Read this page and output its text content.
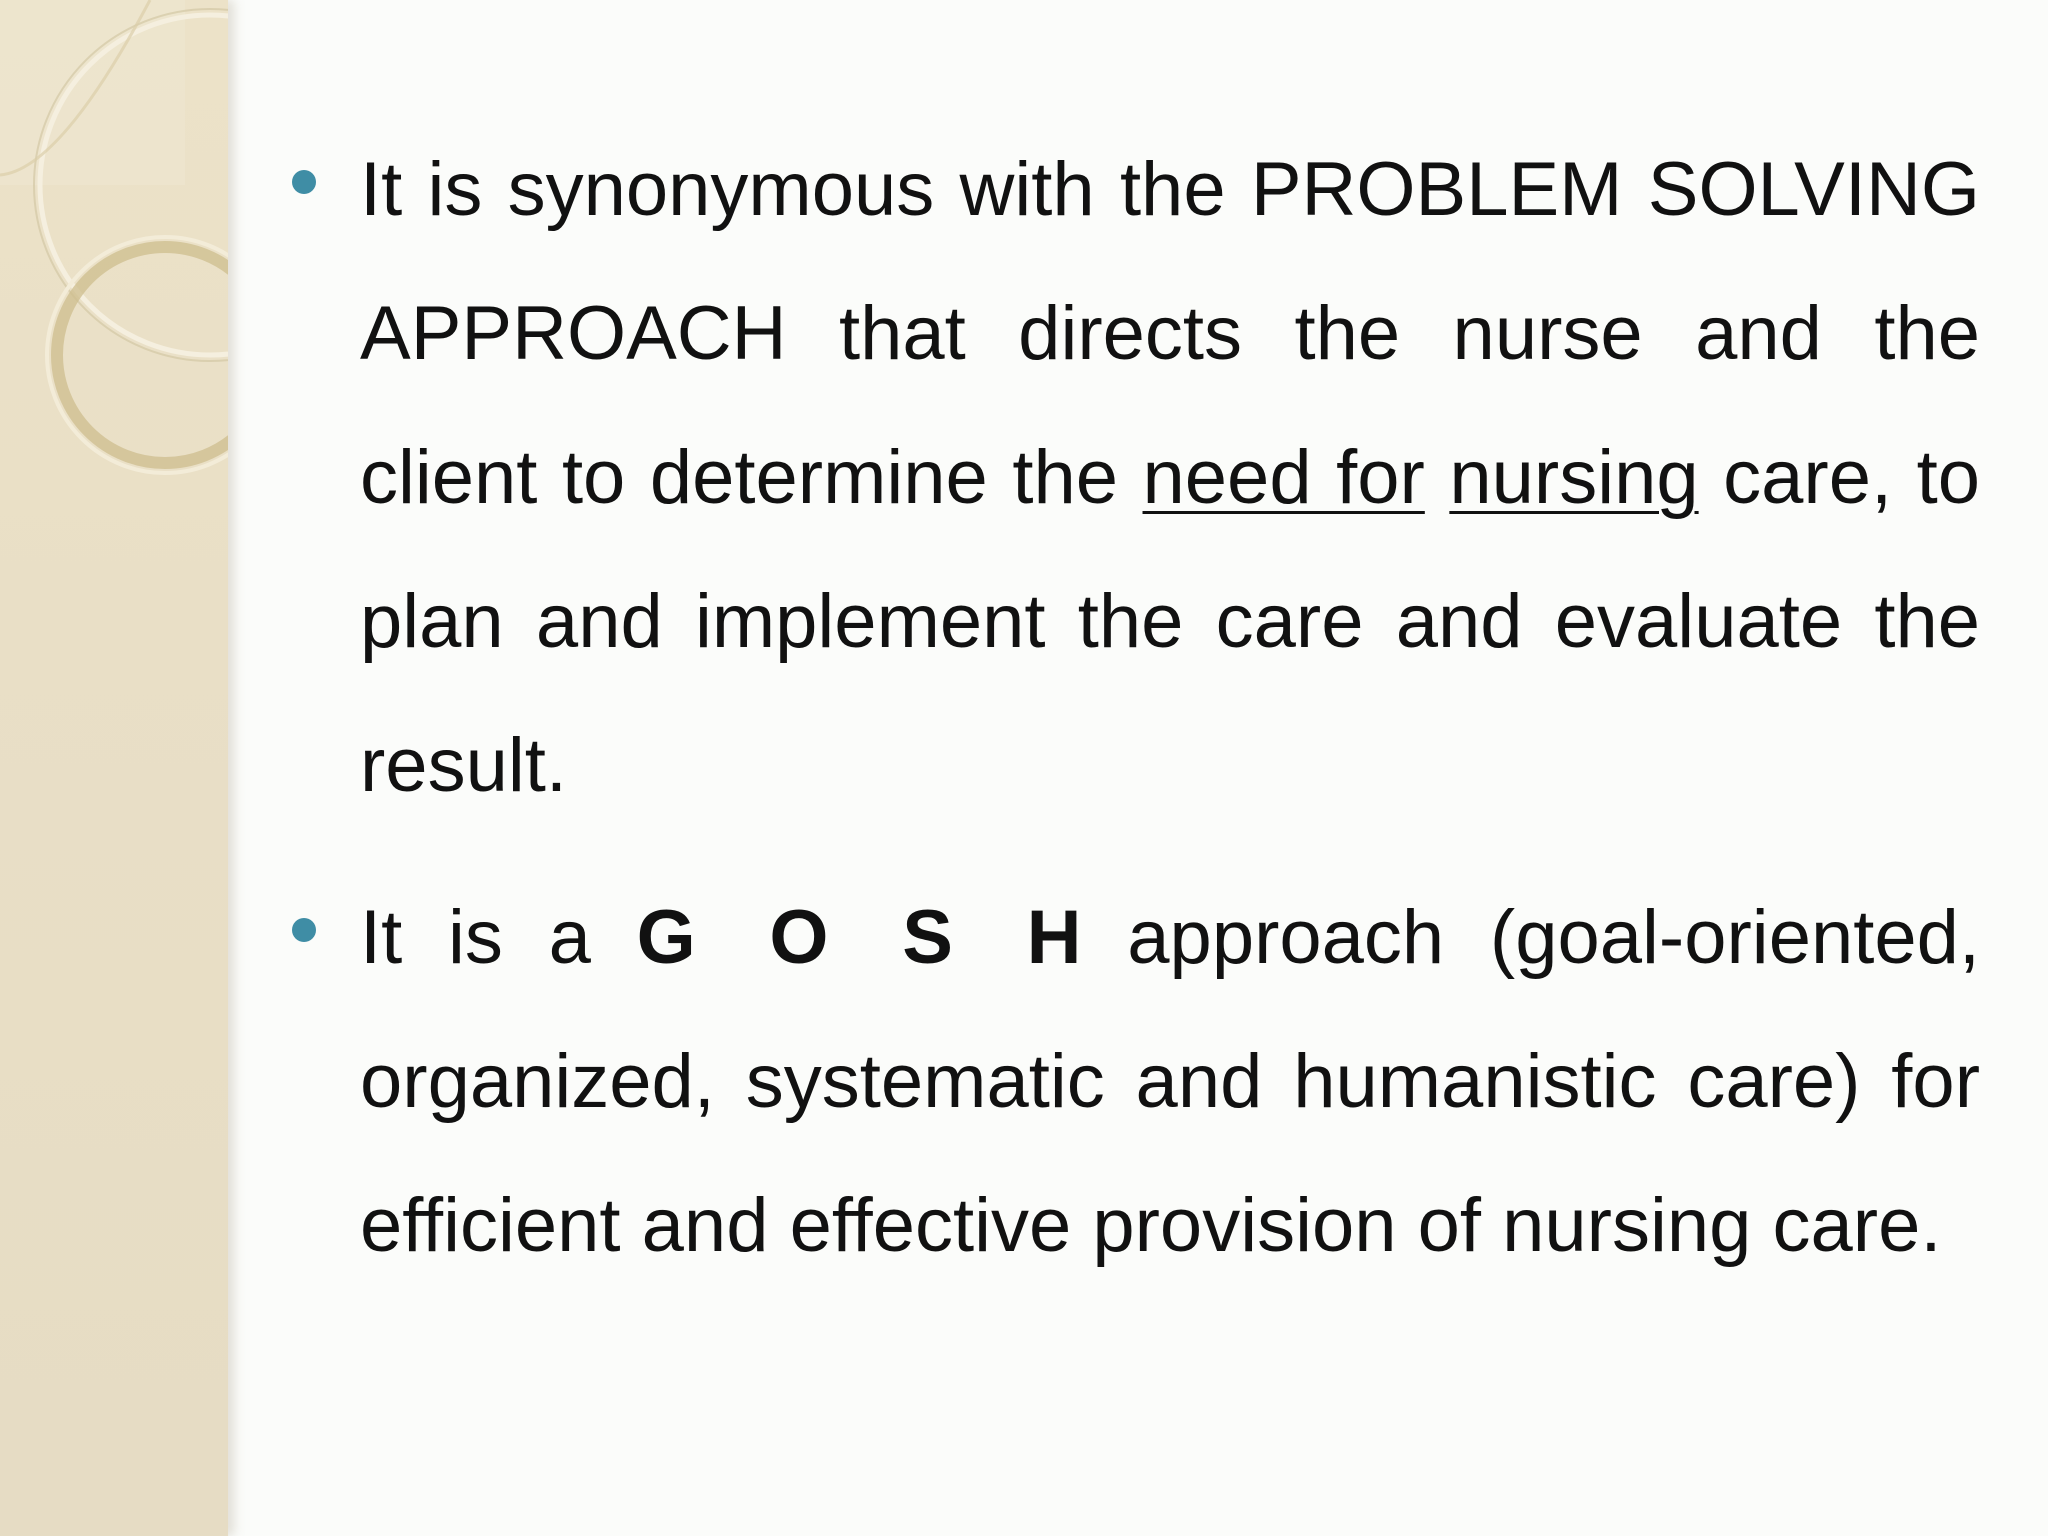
It is synonymous with the PROBLEM SOLVING APPROACH that directs the nurse and the client to determine the need for nursing care, to plan and implement the care and evaluate the result.
It is a G O S H approach (goal-oriented, organized, systematic and humanistic care) for efficient and effective provision of nursing care.
